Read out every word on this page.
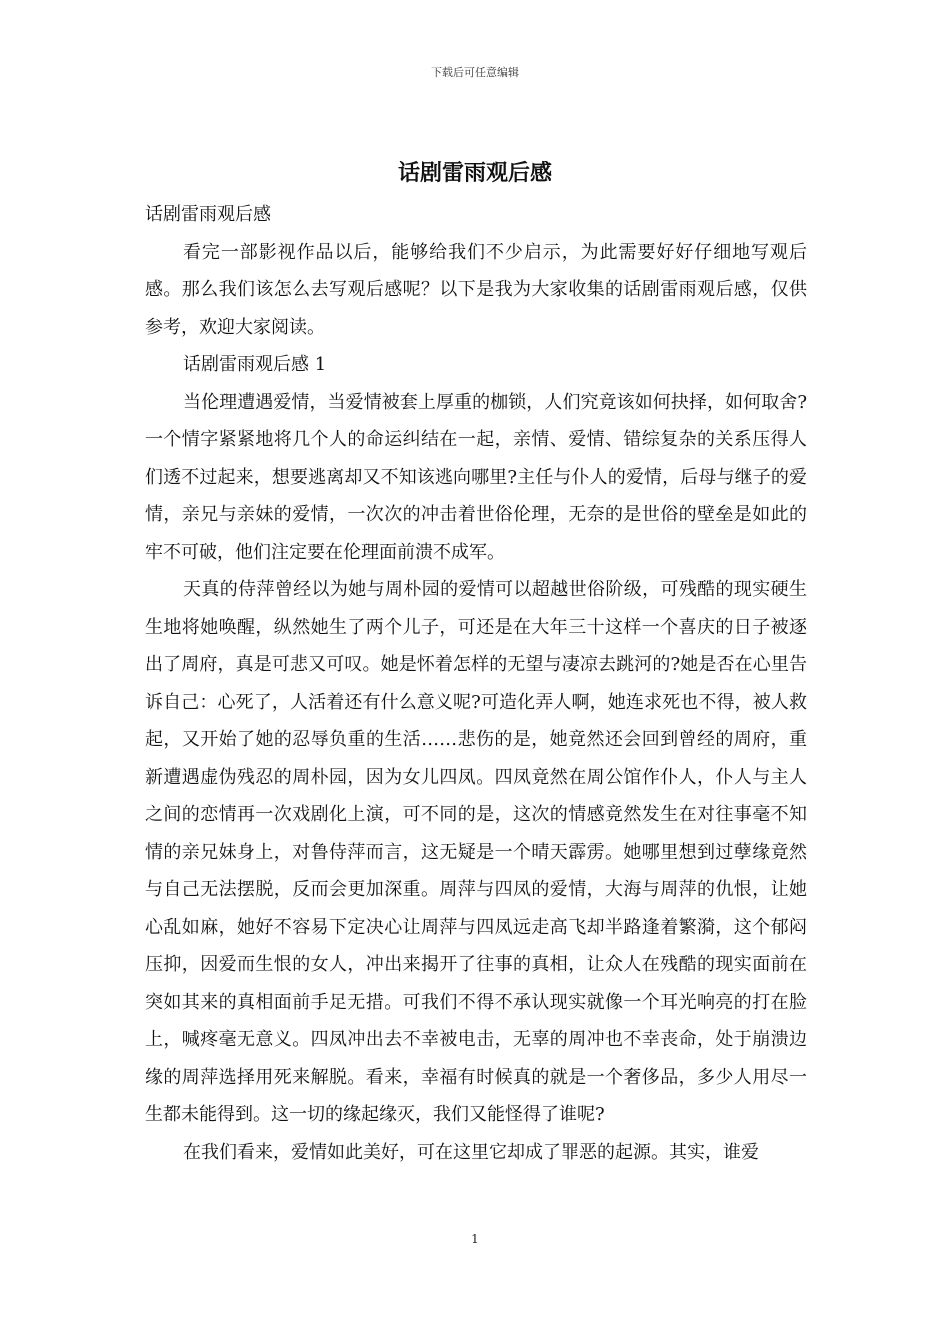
下载后可任意编辑
话剧雷雨观后感

话剧雷雨观后感

看完一部影视作品以后，能够给我们不少启示，为此需要好好仔细地写观后感。那么我们该怎么去写观后感呢？以下是我为大家收集的话剧雷雨观后感，仅供参考，欢迎大家阅读。

话剧雷雨观后感 1

当伦理遭遇爱情，当爱情被套上厚重的枷锁，人们究竟该如何抉择，如何取舍?一个情字紧紧地将几个人的命运纠结在一起，亲情、爱情、错综复杂的关系压得人们透不过起来，想要逃离却又不知该逃向哪里?主任与仆人的爱情，后母与继子的爱情，亲兄与亲妹的爱情，一次次的冲击着世俗伦理，无奈的是世俗的壁垒是如此的牢不可破，他们注定要在伦理面前溃不成军。

天真的侍萍曾经以为她与周朴园的爱情可以超越世俗阶级，可残酷的现实硬生生地将她唤醒，纵然她生了两个儿子，可还是在大年三十这样一个喜庆的日子被逐出了周府，真是可悲又可叹。她是怀着怎样的无望与凄凉去跳河的?她是否在心里告诉自己：心死了，人活着还有什么意义呢?可造化弄人啊，她连求死也不得，被人救起，又开始了她的忍辱负重的生活……悲伤的是，她竟然还会回到曾经的周府，重新遭遇虚伪残忍的周朴园，因为女儿四凤。四凤竟然在周公馆作仆人，仆人与主人之间的恋情再一次戏剧化上演，可不同的是，这次的情感竟然发生在对往事毫不知情的亲兄妹身上，对鲁侍萍而言，这无疑是一个晴天霹雳。她哪里想到过孽缘竟然与自己无法摆脱，反而会更加深重。周萍与四凤的爱情，大海与周萍的仇恨，让她心乱如麻，她好不容易下定决心让周萍与四凤远走高飞却半路逢着繁漪，这个郁闷压抑，因爱而生恨的女人，冲出来揭开了往事的真相，让众人在残酷的现实面前在突如其来的真相面前手足无措。可我们不得不承认现实就像一个耳光响亮的打在脸上，喊疼毫无意义。四凤冲出去不幸被电击，无辜的周冲也不幸丧命，处于崩溃边缘的周萍选择用死来解脱。看来，幸福有时候真的就是一个奢侈品，多少人用尽一生都未能得到。这一切的缘起缘灭，我们又能怪得了谁呢?

在我们看来，爱情如此美好，可在这里它却成了罪恶的起源。其实，谁爱

1
